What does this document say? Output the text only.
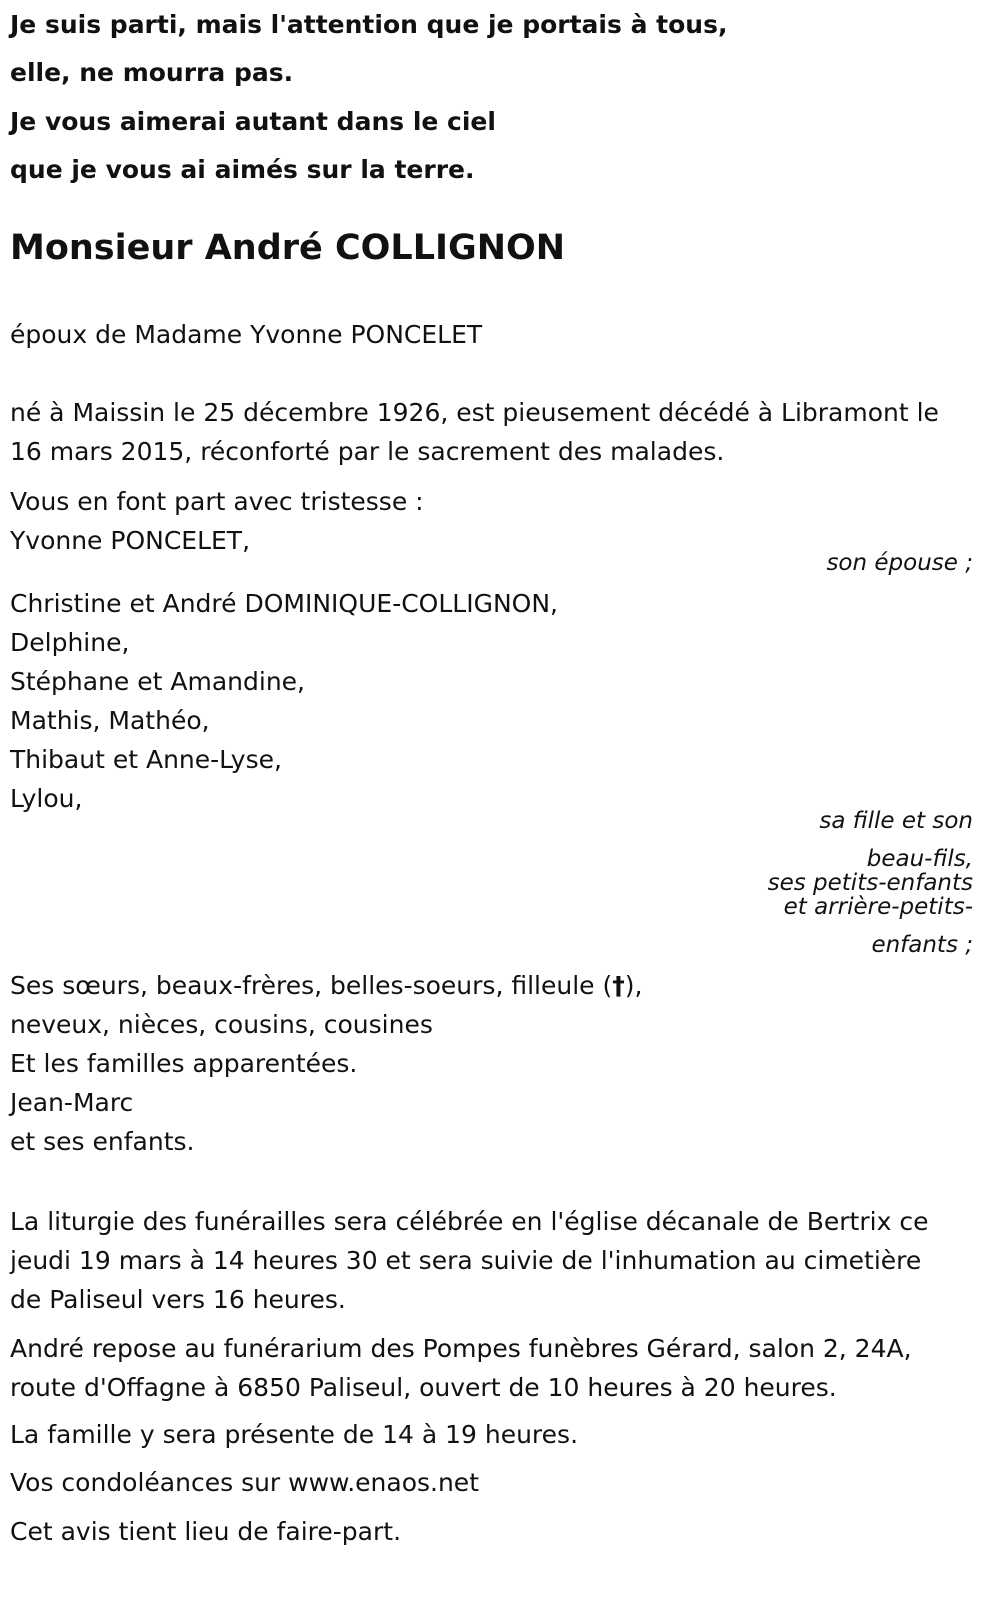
Je suis parti, mais l'attention que je portais à tous,
elle, ne mourra pas.
Je vous aimerai autant dans le ciel
que je vous ai aimés sur la terre.
Monsieur André COLLIGNON
époux de Madame Yvonne PONCELET
né à Maissin le 25 décembre 1926, est pieusement décédé à Libramont le
16 mars 2015, réconforté par le sacrement des malades.
Vous en font part avec tristesse :
Yvonne PONCELET,
son épouse ;
Christine et André DOMINIQUE-COLLIGNON,
Delphine,
Stéphane et Amandine,
Mathis, Mathéo,
Thibaut et Anne-Lyse,
Lylou,
sa fille et son
beau-fils,
ses petits-enfants
et arrière-petits-
enfants ;
Ses sœurs, beaux-frères, belles-soeurs, filleule (†),
neveux, nièces, cousins, cousines
Et les familles apparentées.
Jean-Marc
et ses enfants.
La liturgie des funérailles sera célébrée en l'église décanale de Bertrix ce
jeudi 19 mars à 14 heures 30 et sera suivie de l'inhumation au cimetière
de Paliseul vers 16 heures.
André repose au funérarium des Pompes funèbres Gérard, salon 2, 24A,
route d'Offagne à 6850 Paliseul, ouvert de 10 heures à 20 heures.
La famille y sera présente de 14 à 19 heures.
Vos condoléances sur www.enaos.net
Cet avis tient lieu de faire-part.
